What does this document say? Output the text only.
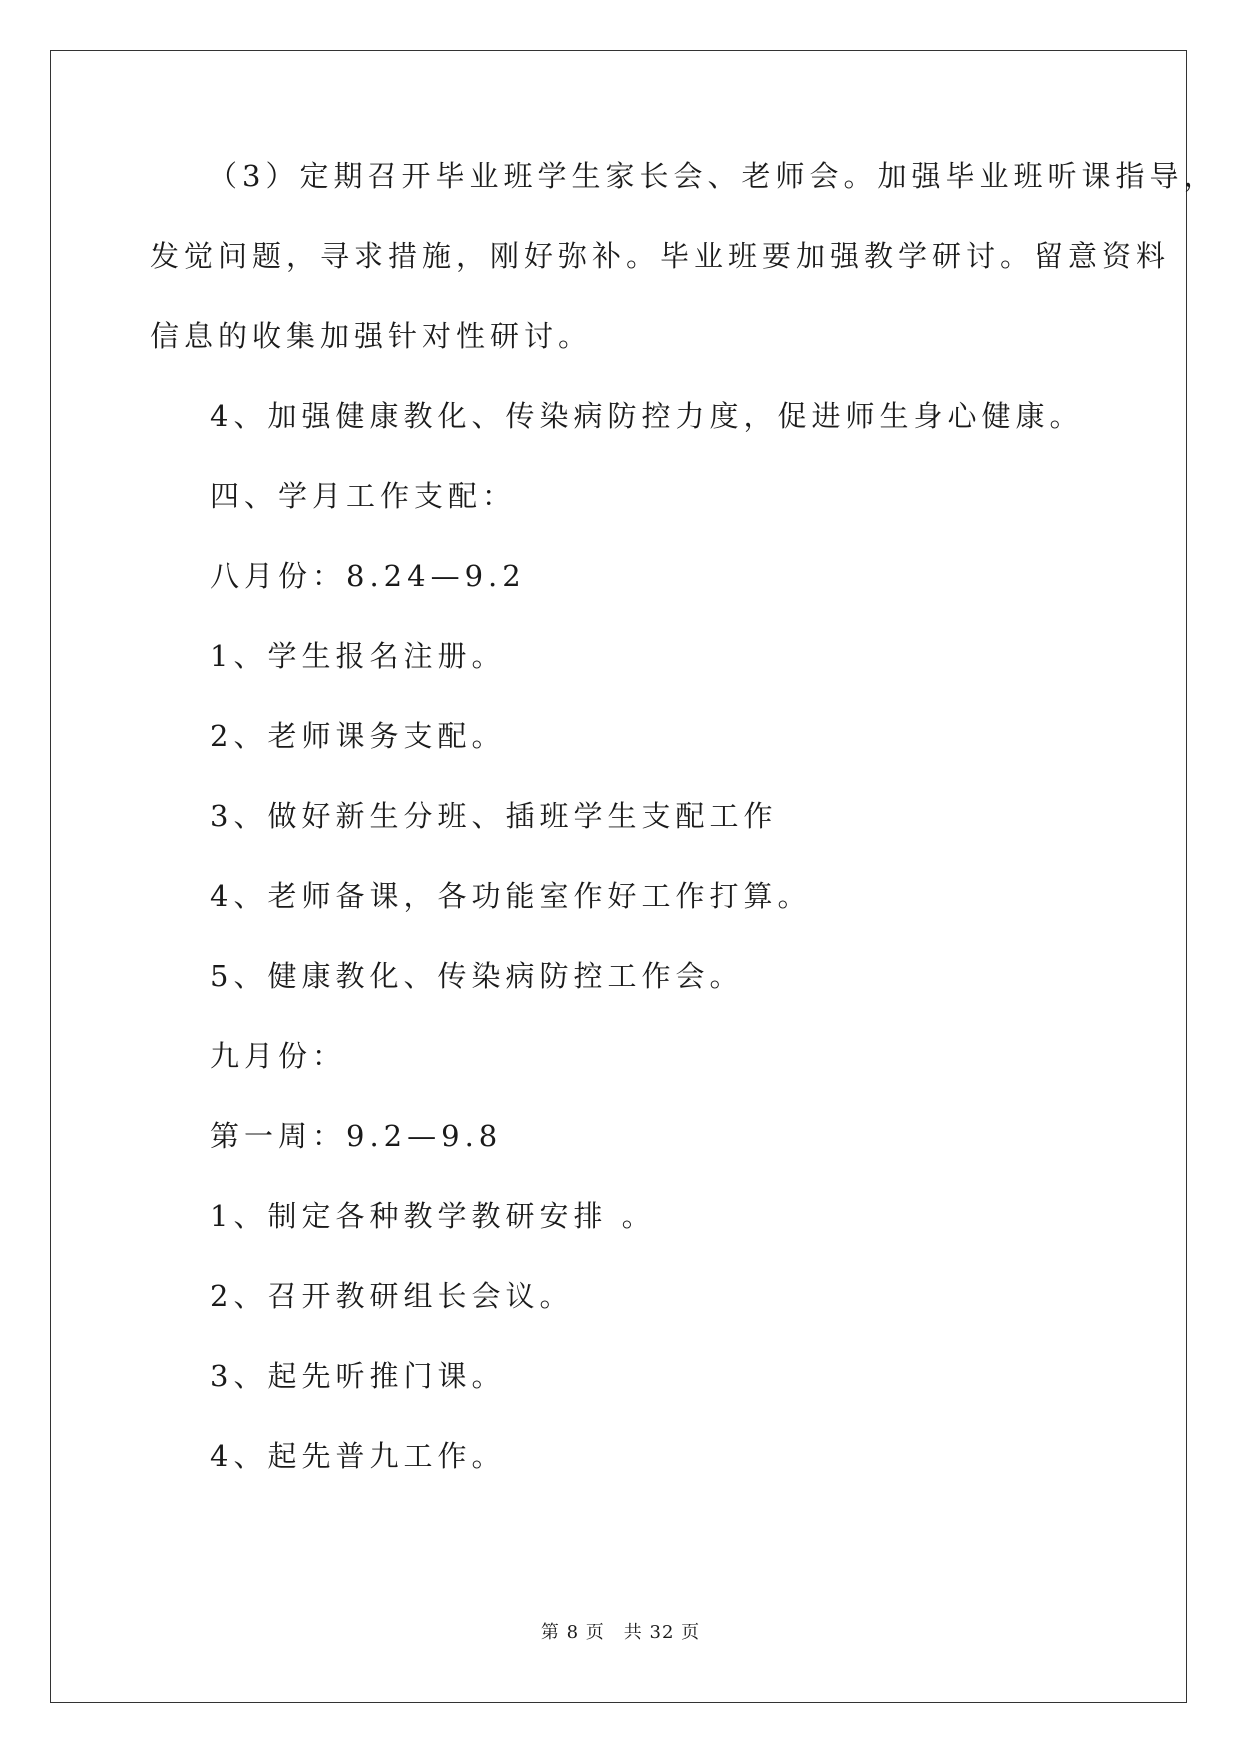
（3）定期召开毕业班学生家长会、老师会。加强毕业班听课指导，
发觉问题，寻求措施，刚好弥补。毕业班要加强教学研讨。留意资料
信息的收集加强针对性研讨。
4、加强健康教化、传染病防控力度，促进师生身心健康。
四、学月工作支配：
八月份：8.24—9.2
1、学生报名注册。
2、老师课务支配。
3、做好新生分班、插班学生支配工作
4、老师备课，各功能室作好工作打算。
5、健康教化、传染病防控工作会。
九月份：
第一周：9.2—9.8
1、制定各种教学教研安排 。
2、召开教研组长会议。
3、起先听推门课。
4、起先普九工作。
第 8 页　共 32 页
